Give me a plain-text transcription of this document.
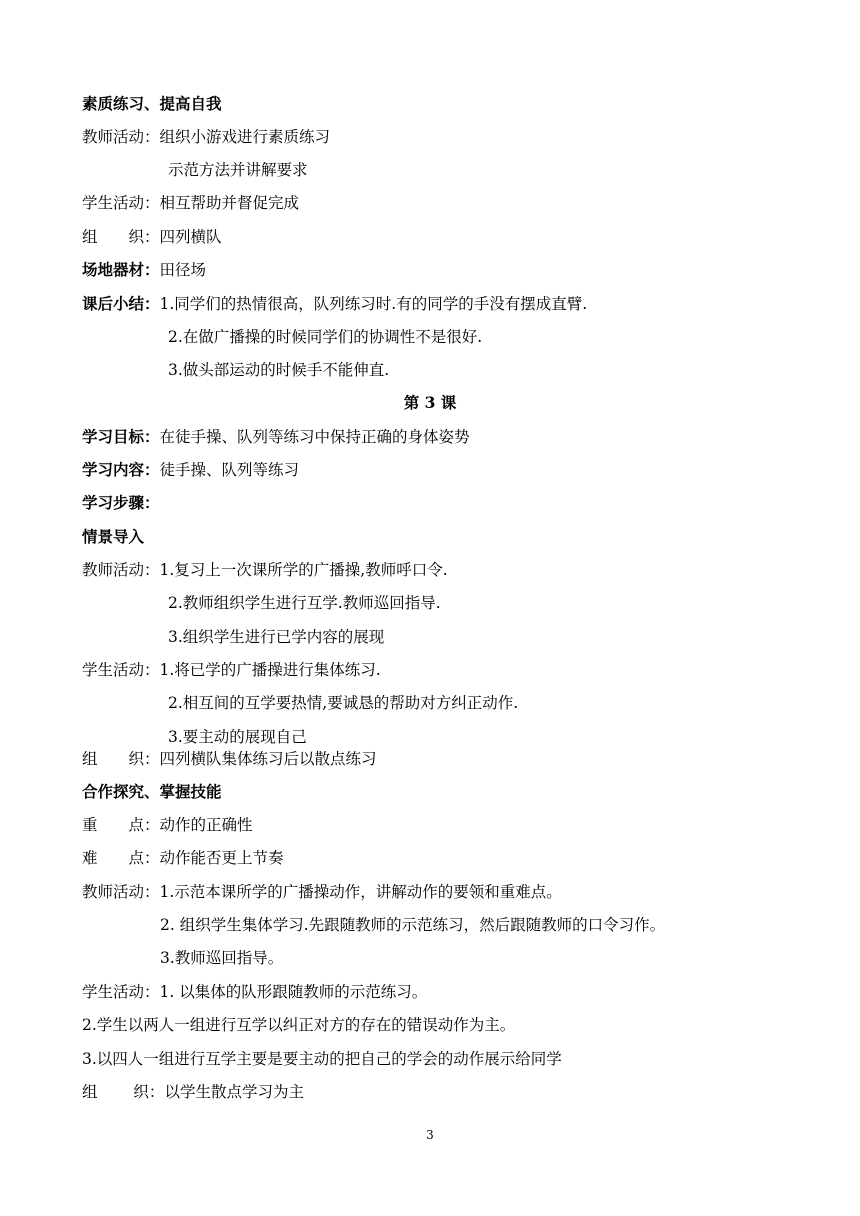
素质练习、提高自我
教师活动：组织小游戏进行素质练习
示范方法并讲解要求
学生活动：相互帮助并督促完成
组　　织：四列横队
场地器材：田径场
课后小结：1.同学们的热情很高，队列练习时.有的同学的手没有摆成直臂.
2.在做广播操的时候同学们的协调性不是很好.
3.做头部运动的时候手不能伸直.
第 3 课
学习目标：在徒手操、队列等练习中保持正确的身体姿势
学习内容：徒手操、队列等练习
学习步骤：
情景导入
教师活动：1.复习上一次课所学的广播操,教师呼口令.
2.教师组织学生进行互学.教师巡回指导.
3.组织学生进行已学内容的展现
学生活动：1.将已学的广播操进行集体练习.
2.相互间的互学要热情,要诚恳的帮助对方纠正动作.
3.要主动的展现自己
组　　织：四列横队集体练习后以散点练习
合作探究、掌握技能
重　　点：动作的正确性
难　　点：动作能否更上节奏
教师活动：1.示范本课所学的广播操动作，讲解动作的要领和重难点。
2. 组织学生集体学习.先跟随教师的示范练习，然后跟随教师的口令习作。
3.教师巡回指导。
学生活动：1. 以集体的队形跟随教师的示范练习。
2.学生以两人一组进行互学以纠正对方的存在的错误动作为主。
3.以四人一组进行互学主要是要主动的把自己的学会的动作展示给同学
组　　 织：以学生散点学习为主
3
